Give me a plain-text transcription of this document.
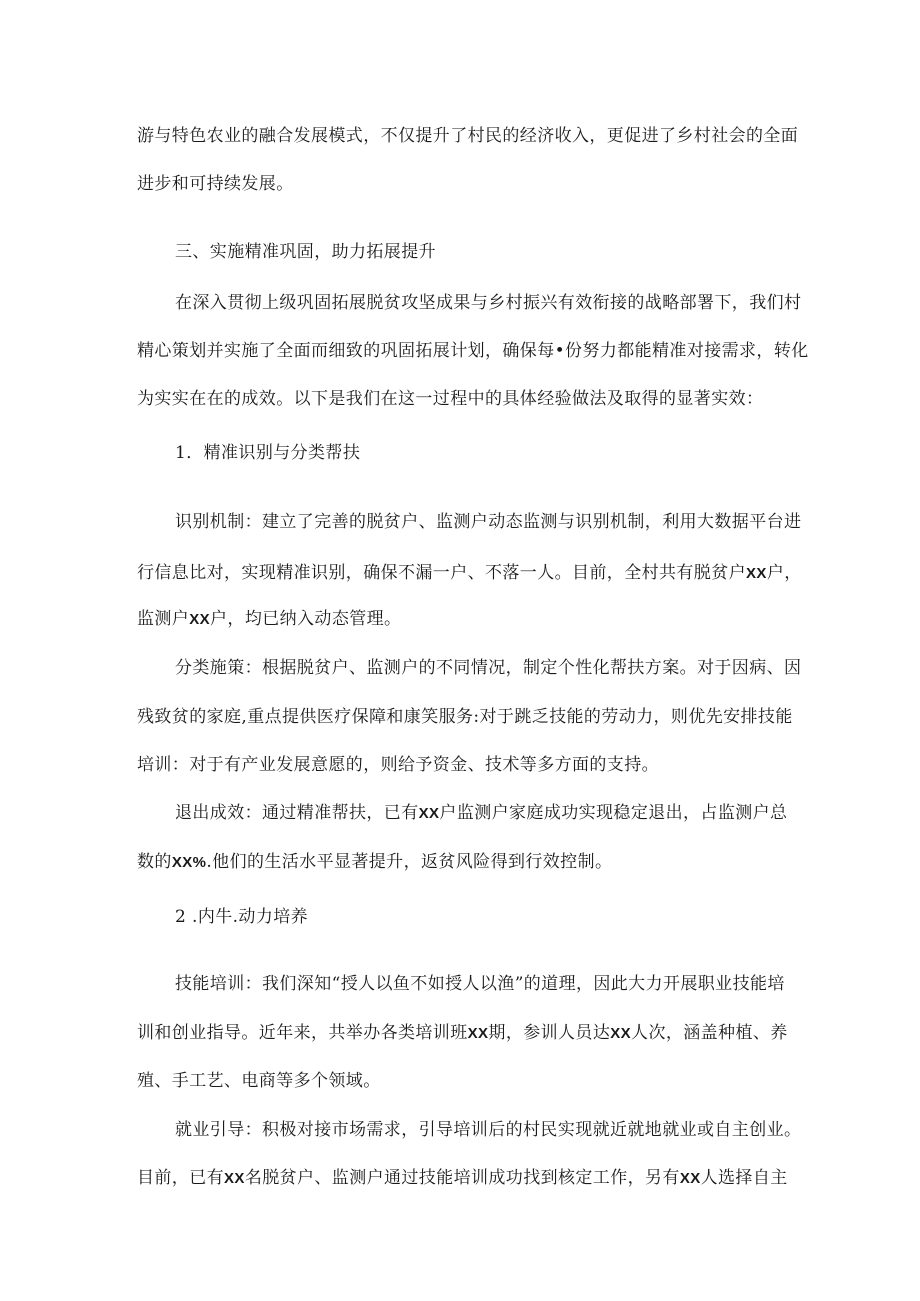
游与特色农业的融合发展模式，不仅提升了村民的经济收入，更促进了乡村社会的全面
进步和可持续发展。
三、实施精准巩固，助力拓展提升
在深入贯彻上级巩固拓展脱贫攻坚成果与乡村振兴有效衔接的战略部署下，我们村
精心策划并实施了全面而细致的巩固拓展计划，确保每•份努力都能精准对接需求，转化
为实实在在的成效。以下是我们在这一过程中的具体经验做法及取得的显著实效：
1．精准识别与分类帮扶
识别机制：建立了完善的脱贫户、监测户动态监测与识别机制，利用大数据平台进
行信息比对，实现精准识别，确保不漏一户、不落一人。目前，全村共有脱贫户XX户，
监测户XX户，均已纳入动态管理。
分类施策：根据脱贫户、监测户的不同情况，制定个性化帮扶方案。对于因病、因
残致贫的家庭,重点提供医疗保障和康笑服务:对于跳乏技能的劳动力，则优先安排技能
培训：对于有产业发展意愿的，则给予资金、技术等多方面的支持。
退出成效：通过精准帮扶，已有XX户监测户家庭成功实现稳定退出，占监测户总
数的XX%.他们的生活水平显著提升，返贫风险得到行效控制。
2 .内牛.动力培养
技能培训：我们深知“授人以鱼不如授人以渔”的道理，因此大力开展职业技能培
训和创业指导。近年来，共举办各类培训班XX期，参训人员达XX人次，涵盖种植、养
殖、手工艺、电商等多个领域。
就业引导：积极对接市场需求，引导培训后的村民实现就近就地就业或自主创业。
目前，已有XX名脱贫户、监测户通过技能培训成功找到核定工作，另有XX人选择自主
